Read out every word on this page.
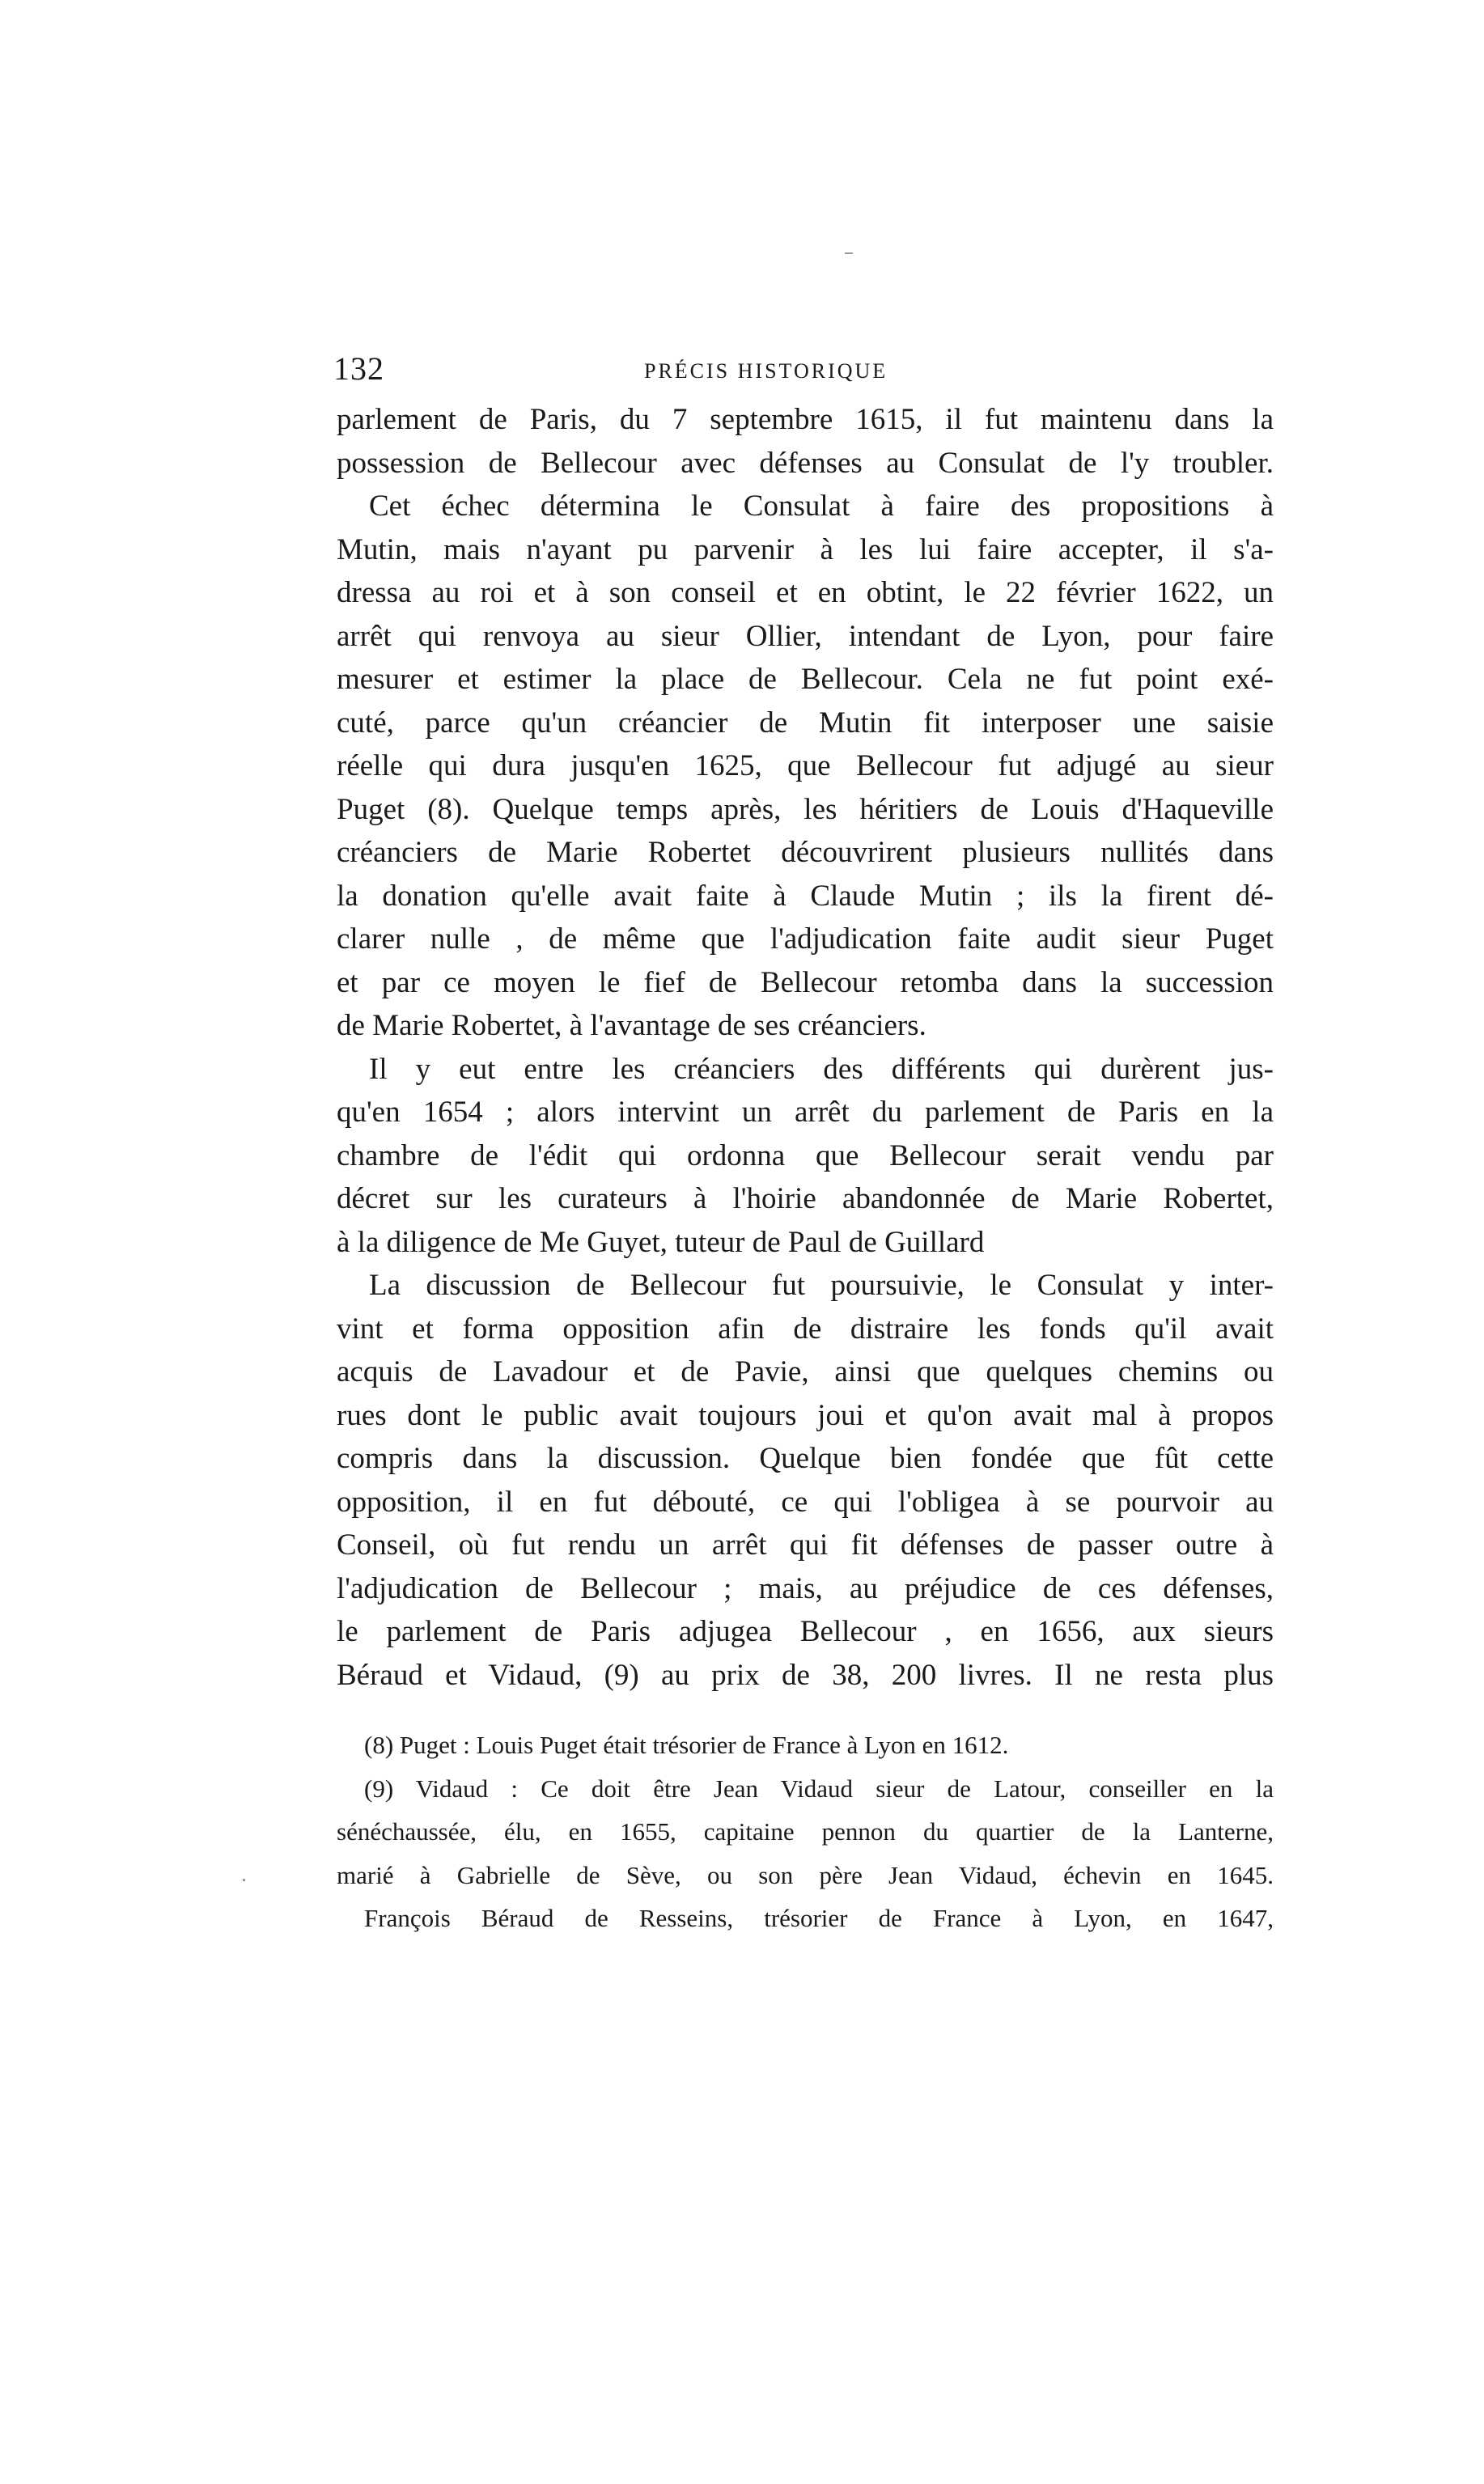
132	PRÉCIS HISTORIQUE
parlement de Paris, du 7 septembre 1615, il fut maintenu dans la
possession de Bellecour avec défenses au Consulat de l'y troubler.
Cet échec détermina le Consulat à faire des propositions à
Mutin, mais n'ayant pu parvenir à les lui faire accepter, il s'a-
dressa au roi et à son conseil et en obtint, le 22 février 1622, un
arrêt qui renvoya au sieur Ollier, intendant de Lyon, pour faire
mesurer et estimer la place de Bellecour. Cela ne fut point exé-
cuté, parce qu'un créancier de Mutin fit interposer une saisie
réelle qui dura jusqu'en 1625, que Bellecour fut adjugé au sieur
Puget (8). Quelque temps après, les héritiers de Louis d'Haqueville
créanciers de Marie Robertet découvrirent plusieurs nullités dans
la donation qu'elle avait faite à Claude Mutin ; ils la firent dé-
clarer nulle , de même que l'adjudication faite audit sieur Puget
et par ce moyen le fief de Bellecour retomba dans la succession
de Marie Robertet, à l'avantage de ses créanciers.
Il y eut entre les créanciers des différents qui durèrent jus-
qu'en 1654 ; alors intervint un arrêt du parlement de Paris en la
chambre de l'édit qui ordonna que Bellecour serait vendu par
décret sur les curateurs à l'hoirie abandonnée de Marie Robertet,
à la diligence de Me Guyet, tuteur de Paul de Guillard
La discussion de Bellecour fut poursuivie, le Consulat y inter-
vint et forma opposition afin de distraire les fonds qu'il avait
acquis de Lavadour et de Pavie, ainsi que quelques chemins ou
rues dont le public avait toujours joui et qu'on avait mal à propos
compris dans la discussion. Quelque bien fondée que fût cette
opposition, il en fut débouté, ce qui l'obligea à se pourvoir au
Conseil, où fut rendu un arrêt qui fit défenses de passer outre à
l'adjudication de Bellecour ; mais, au préjudice de ces défenses,
le parlement de Paris adjugea Bellecour , en 1656, aux sieurs
Béraud et Vidaud, (9) au prix de 38, 200 livres. Il ne resta plus
(8) Puget : Louis Puget était trésorier de France à Lyon en 1612.
(9) Vidaud : Ce doit être Jean Vidaud sieur de Latour, conseiller en la
sénéchaussée, élu, en 1655, capitaine pennon du quartier de la Lanterne,
marié à Gabrielle de Sève, ou son père Jean Vidaud, échevin en 1645.
François Béraud de Resseins, trésorier de France à Lyon, en 1647,
